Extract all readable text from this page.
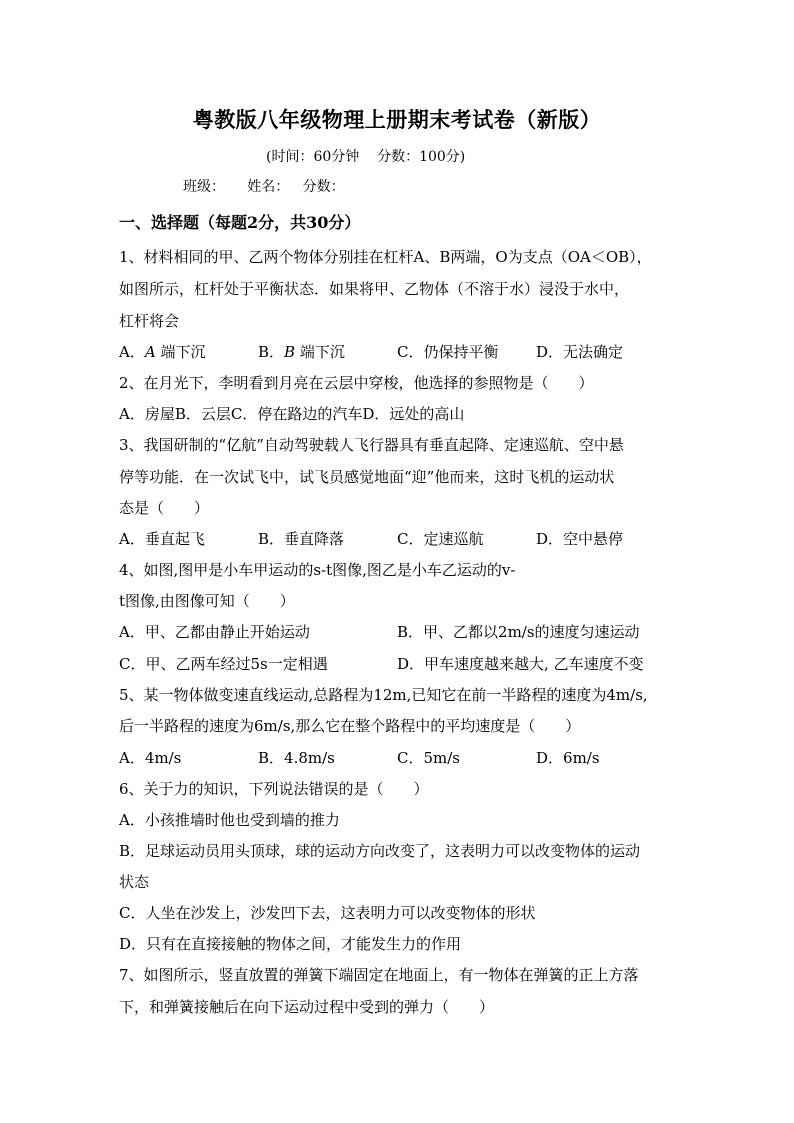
粤教版八年级物理上册期末考试卷（新版）
(时间：60分钟    分数：100分)
班级：     姓名：   分数：
一、选择题（每题2分，共30分）
1、材料相同的甲、乙两个物体分别挂在杠杆A、B两端，O为支点（OA＜OB），
如图所示，杠杆处于平衡状态．如果将甲、乙物体（不溶于水）浸没于水中，
杠杆将会
A．A 端下沉	B．B 端下沉	C．仍保持平衡	D．无法确定
2、在月光下，李明看到月亮在云层中穿梭，他选择的参照物是（　　）
A．房屋B．云层C．停在路边的汽车D．远处的高山
3、我国研制的“亿航”自动驾驶载人飞行器具有垂直起降、定速巡航、空中悬
停等功能．在一次试飞中，试飞员感觉地面“迎”他而来，这时飞机的运动状
态是（　　）
A．垂直起飞	B．垂直降落	C．定速巡航	D．空中悬停
4、如图,图甲是小车甲运动的s-t图像,图乙是小车乙运动的v-
t图像,由图像可知（　　）
A．甲、乙都由静止开始运动	B．甲、乙都以2m/s的速度匀速运动
C．甲、乙两车经过5s一定相遇	D．甲车速度越来越大, 乙车速度不变
5、某一物体做变速直线运动,总路程为12m,已知它在前一半路程的速度为4m/s,
后一半路程的速度为6m/s,那么它在整个路程中的平均速度是（　　）
A．4m/s	B．4.8m/s	C．5m/s	D．6m/s
6、关于力的知识，下列说法错误的是（　　）
A．小孩推墙时他也受到墙的推力
B．足球运动员用头顶球，球的运动方向改变了，这表明力可以改变物体的运动
状态
C．人坐在沙发上，沙发凹下去，这表明力可以改变物体的形状
D．只有在直接接触的物体之间，才能发生力的作用
7、如图所示，竖直放置的弹簧下端固定在地面上，有一物体在弹簧的正上方落
下，和弹簧接触后在向下运动过程中受到的弹力（　　）
